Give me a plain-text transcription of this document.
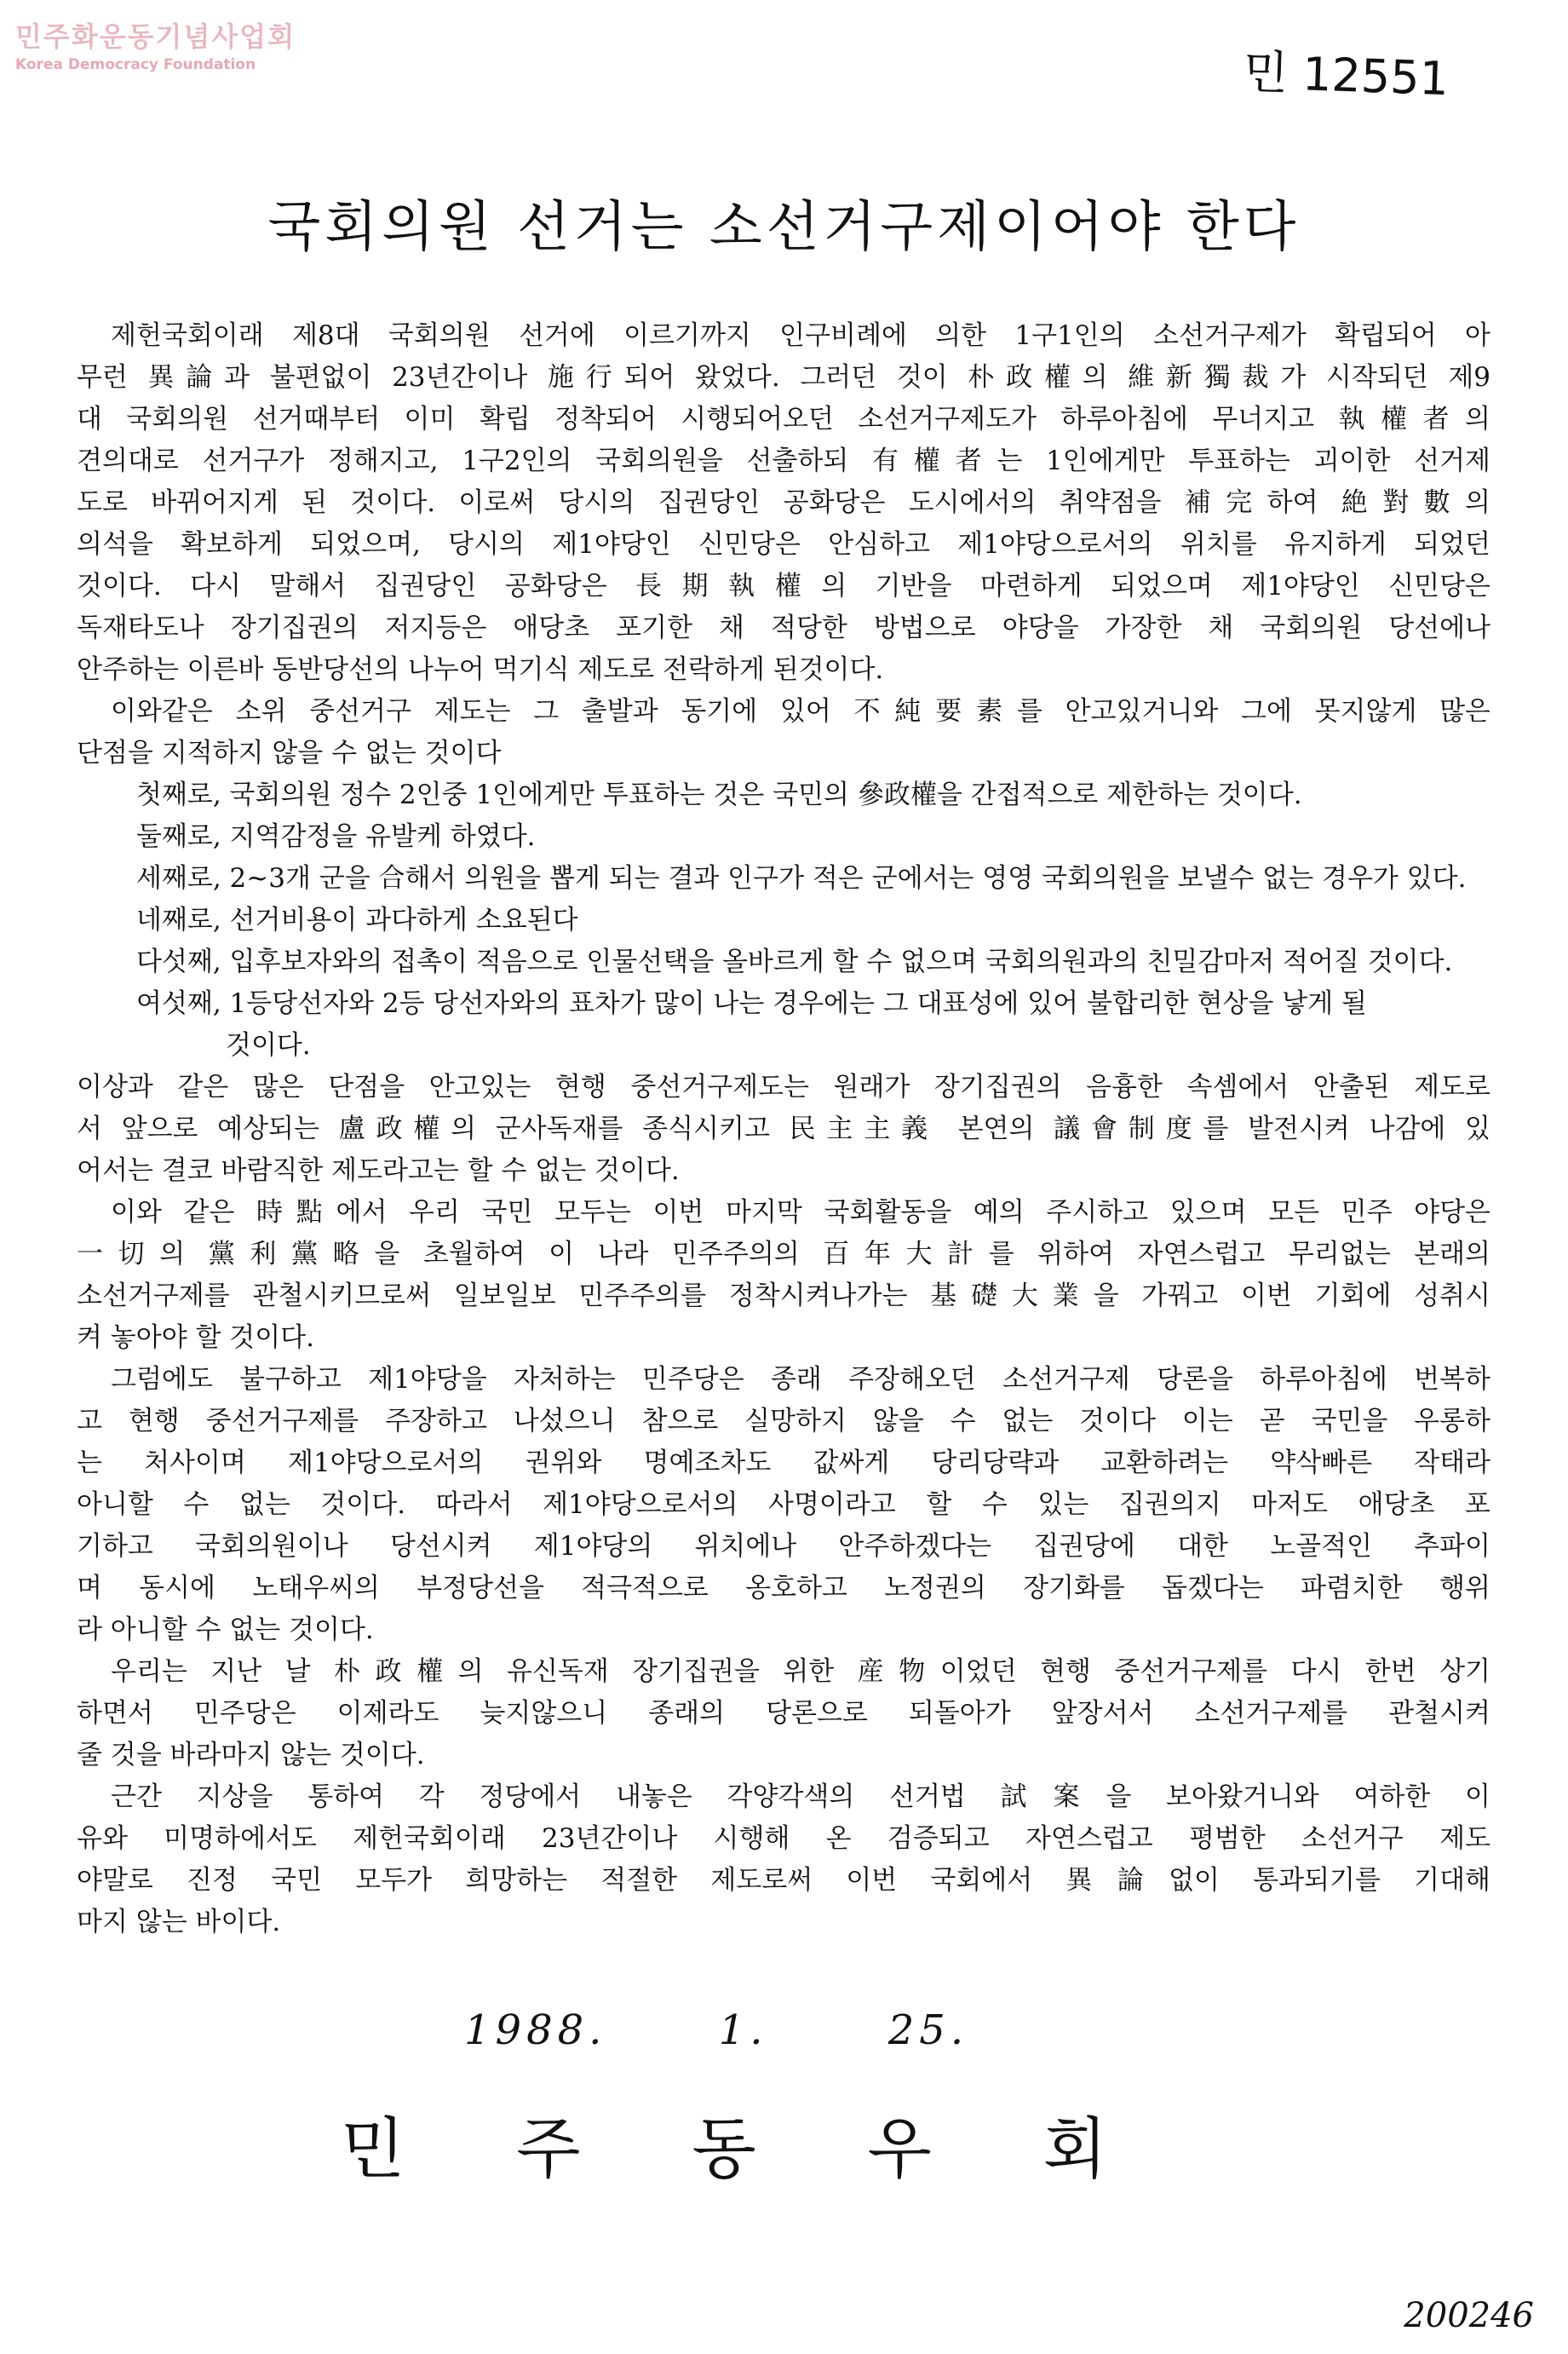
민주화운동기념사업회
Korea Democracy Foundation	민 12551
국회의원 선거는 소선거구제이어야 한다
제헌국회이래 제8대 국회의원 선거에 이르기까지 인구비례에 의한 1구1인의 소선거구제가 확립되어 아
무런 異論과 불편없이 23년간이나 施行되어 왔었다. 그러던 것이 朴政權의 維新獨裁가 시작되던 제9
대 국회의원 선거때부터 이미 확립 정착되어 시행되어오던 소선거구제도가 하루아침에 무너지고 執權者의
견의대로 선거구가 정해지고, 1구2인의 국회의원을 선출하되 有權者는 1인에게만 투표하는 괴이한 선거제
도로 바뀌어지게 된 것이다. 이로써 당시의 집권당인 공화당은 도시에서의 취약점을 補完하여 絶對數의
의석을 확보하게 되었으며, 당시의 제1야당인 신민당은 안심하고 제1야당으로서의 위치를 유지하게 되었던
것이다. 다시 말해서 집권당인 공화당은 長期執權의 기반을 마련하게 되었으며 제1야당인 신민당은
독재타도나 장기집권의 저지등은 애당초 포기한 채 적당한 방법으로 야당을 가장한 채 국회의원 당선에나
안주하는 이른바 동반당선의 나누어 먹기식 제도로 전락하게 된것이다.
이와같은 소위 중선거구 제도는 그 출발과 동기에 있어 不純要素를 안고있거니와 그에 못지않게 많은
단점을 지적하지 않을 수 없는 것이다
첫째로, 국회의원 정수 2인중 1인에게만 투표하는 것은 국민의 參政權을 간접적으로 제한하는 것이다.
둘째로, 지역감정을 유발케 하였다.
세째로, 2~3개 군을 合해서 의원을 뽑게 되는 결과 인구가 적은 군에서는 영영 국회의원을 보낼수 없는 경우가 있다.
네째로, 선거비용이 과다하게 소요된다
다섯째, 입후보자와의 접촉이 적음으로 인물선택을 올바르게 할 수 없으며 국회의원과의 친밀감마저 적어질 것이다.
여섯째, 1등당선자와 2등 당선자와의 표차가 많이 나는 경우에는 그 대표성에 있어 불합리한 현상을 낳게 될
것이다.
이상과 같은 많은 단점을 안고있는 현행 중선거구제도는 원래가 장기집권의 음흉한 속셈에서 안출된 제도로
서 앞으로 예상되는 盧政權의 군사독재를 종식시키고 民主主義 본연의 議會制度를 발전시켜 나감에 있
어서는 결코 바람직한 제도라고는 할 수 없는 것이다.
이와 같은 時點에서 우리 국민 모두는 이번 마지막 국회활동을 예의 주시하고 있으며 모든 민주 야당은
一切의 黨利黨略을 초월하여 이 나라 민주주의의 百年大計를 위하여 자연스럽고 무리없는 본래의
소선거구제를 관철시키므로써 일보일보 민주주의를 정착시켜나가는 基礎大業을 가꿔고 이번 기회에 성취시
켜 놓아야 할 것이다.
그럼에도 불구하고 제1야당을 자처하는 민주당은 종래 주장해오던 소선거구제 당론을 하루아침에 번복하
고 현행 중선거구제를 주장하고 나섰으니 참으로 실망하지 않을 수 없는 것이다 이는 곧 국민을 우롱하
는 처사이며 제1야당으로서의 권위와 명예조차도 값싸게 당리당략과 교환하려는 약삭빠른 작태라
아니할 수 없는 것이다. 따라서 제1야당으로서의 사명이라고 할 수 있는 집권의지 마저도 애당초 포
기하고 국회의원이나 당선시켜 제1야당의 위치에나 안주하겠다는 집권당에 대한 노골적인 추파이
며 동시에 노태우씨의 부정당선을 적극적으로 옹호하고 노정권의 장기화를 돕겠다는 파렴치한 행위
라 아니할 수 없는 것이다.
우리는 지난 날 朴政權의 유신독재 장기집권을 위한 産物이었던 현행 중선거구제를 다시 한번 상기
하면서 민주당은 이제라도 늦지않으니 종래의 당론으로 되돌아가 앞장서서 소선거구제를 관철시켜
줄 것을 바라마지 않는 것이다.
근간 지상을 통하여 각 정당에서 내놓은 각양각색의 선거법 試案을 보아왔거니와 여하한 이
유와 미명하에서도 제헌국회이래 23년간이나 시행해 온 검증되고 자연스럽고 평범한 소선거구 제도
야말로 진정 국민 모두가 희망하는 적절한 제도로써 이번 국회에서 異論없이 통과되기를 기대해
마지 않는 바이다.
1988.	1.	25.
민 주 동 우 회
200246
